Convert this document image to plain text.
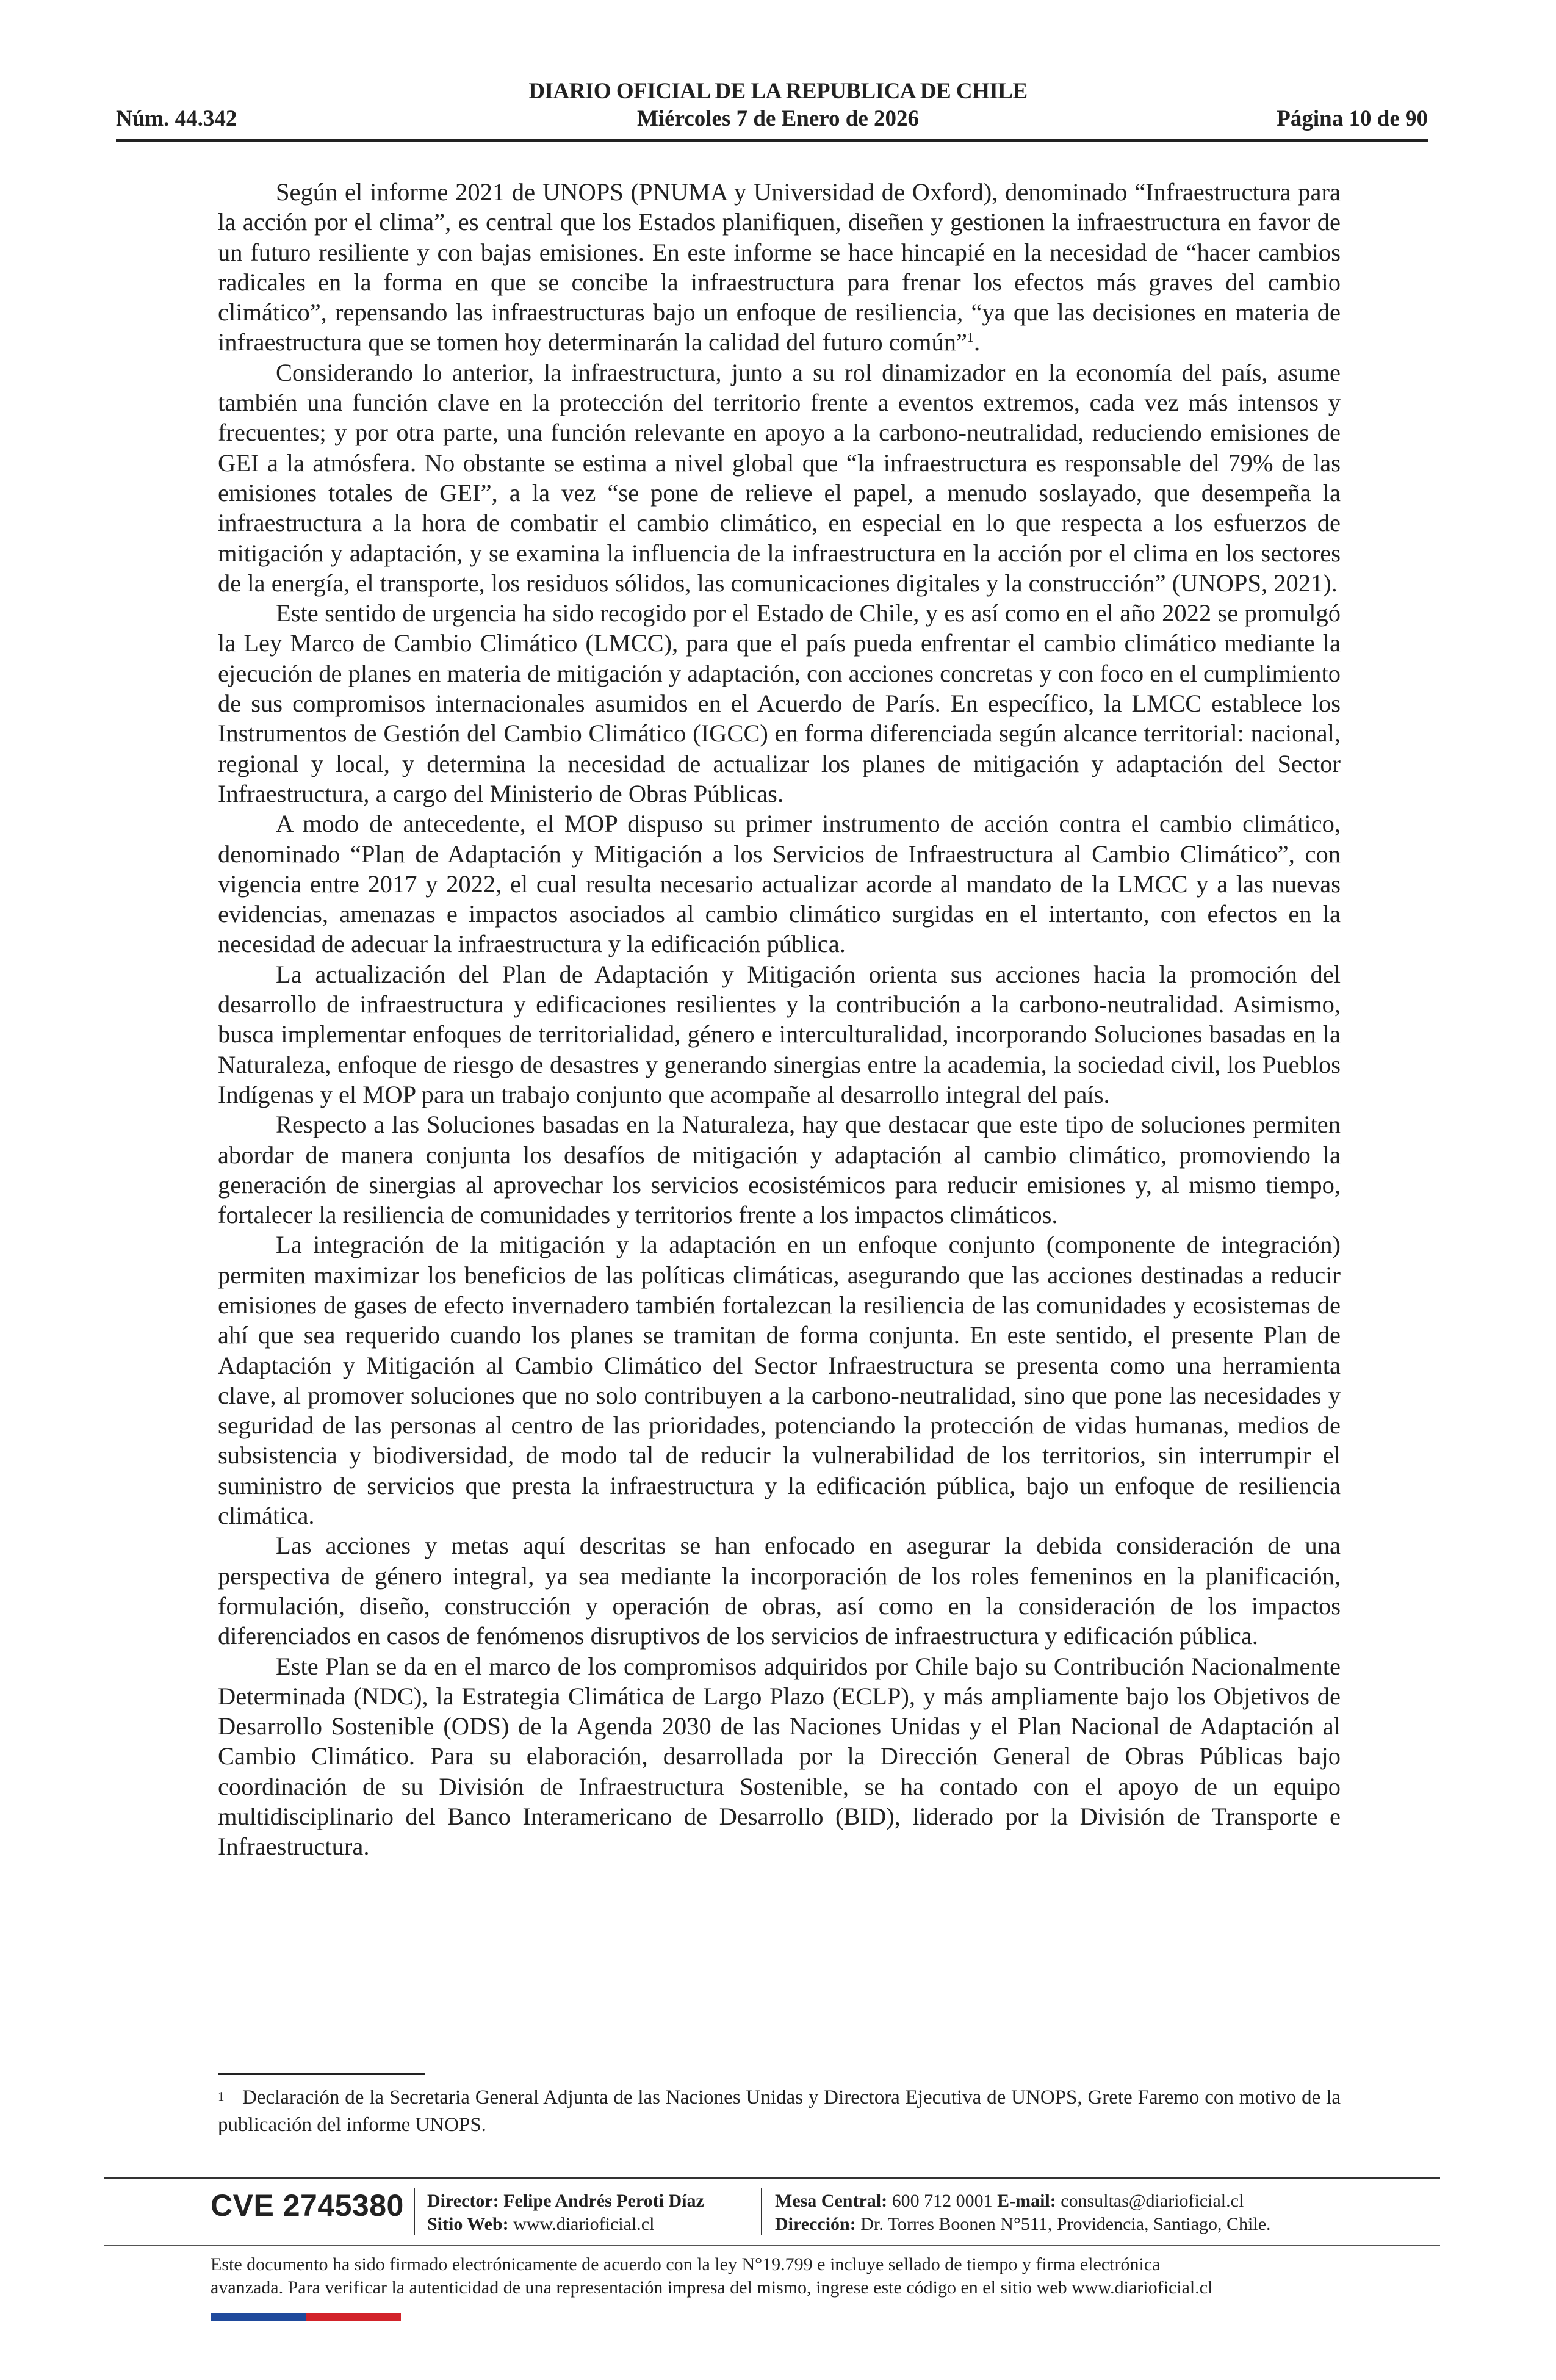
DIARIO OFICIAL DE LA REPUBLICA DE CHILE
Núm. 44.342	Miércoles 7 de Enero de 2026	Página 10 de 90

Según el informe 2021 de UNOPS (PNUMA y Universidad de Oxford), denominado “Infraestructura para la acción por el clima”, es central que los Estados planifiquen, diseñen y gestionen la infraestructura en favor de un futuro resiliente y con bajas emisiones. En este informe se hace hincapié en la necesidad de “hacer cambios radicales en la forma en que se concibe la infraestructura para frenar los efectos más graves del cambio climático”, repensando las infraestructuras bajo un enfoque de resiliencia, “ya que las decisiones en materia de infraestructura que se tomen hoy determinarán la calidad del futuro común”$^1$.

Considerando lo anterior, la infraestructura, junto a su rol dinamizador en la economía del país, asume también una función clave en la protección del territorio frente a eventos extremos, cada vez más intensos y frecuentes; y por otra parte, una función relevante en apoyo a la carbono-neutralidad, reduciendo emisiones de GEI a la atmósfera. No obstante se estima a nivel global que “la infraestructura es responsable del 79% de las emisiones totales de GEI”, a la vez “se pone de relieve el papel, a menudo soslayado, que desempeña la infraestructura a la hora de combatir el cambio climático, en especial en lo que respecta a los esfuerzos de mitigación y adaptación, y se examina la influencia de la infraestructura en la acción por el clima en los sectores de la energía, el transporte, los residuos sólidos, las comunicaciones digitales y la construcción” (UNOPS, 2021).

Este sentido de urgencia ha sido recogido por el Estado de Chile, y es así como en el año 2022 se promulgó la Ley Marco de Cambio Climático (LMCC), para que el país pueda enfrentar el cambio climático mediante la ejecución de planes en materia de mitigación y adaptación, con acciones concretas y con foco en el cumplimiento de sus compromisos internacionales asumidos en el Acuerdo de París. En específico, la LMCC establece los Instrumentos de Gestión del Cambio Climático (IGCC) en forma diferenciada según alcance territorial: nacional, regional y local, y determina la necesidad de actualizar los planes de mitigación y adaptación del Sector Infraestructura, a cargo del Ministerio de Obras Públicas.

A modo de antecedente, el MOP dispuso su primer instrumento de acción contra el cambio climático, denominado “Plan de Adaptación y Mitigación a los Servicios de Infraestructura al Cambio Climático”, con vigencia entre 2017 y 2022, el cual resulta necesario actualizar acorde al mandato de la LMCC y a las nuevas evidencias, amenazas e impactos asociados al cambio climático surgidas en el intertanto, con efectos en la necesidad de adecuar la infraestructura y la edificación pública.

La actualización del Plan de Adaptación y Mitigación orienta sus acciones hacia la promoción del desarrollo de infraestructura y edificaciones resilientes y la contribución a la carbono-neutralidad. Asimismo, busca implementar enfoques de territorialidad, género e interculturalidad, incorporando Soluciones basadas en la Naturaleza, enfoque de riesgo de desastres y generando sinergias entre la academia, la sociedad civil, los Pueblos Indígenas y el MOP para un trabajo conjunto que acompañe al desarrollo integral del país.

Respecto a las Soluciones basadas en la Naturaleza, hay que destacar que este tipo de soluciones permiten abordar de manera conjunta los desafíos de mitigación y adaptación al cambio climático, promoviendo la generación de sinergias al aprovechar los servicios ecosistémicos para reducir emisiones y, al mismo tiempo, fortalecer la resiliencia de comunidades y territorios frente a los impactos climáticos.

La integración de la mitigación y la adaptación en un enfoque conjunto (componente de integración) permiten maximizar los beneficios de las políticas climáticas, asegurando que las acciones destinadas a reducir emisiones de gases de efecto invernadero también fortalezcan la resiliencia de las comunidades y ecosistemas de ahí que sea requerido cuando los planes se tramitan de forma conjunta. En este sentido, el presente Plan de Adaptación y Mitigación al Cambio Climático del Sector Infraestructura se presenta como una herramienta clave, al promover soluciones que no solo contribuyen a la carbono-neutralidad, sino que pone las necesidades y seguridad de las personas al centro de las prioridades, potenciando la protección de vidas humanas, medios de subsistencia y biodiversidad, de modo tal de reducir la vulnerabilidad de los territorios, sin interrumpir el suministro de servicios que presta la infraestructura y la edificación pública, bajo un enfoque de resiliencia climática.

Las acciones y metas aquí descritas se han enfocado en asegurar la debida consideración de una perspectiva de género integral, ya sea mediante la incorporación de los roles femeninos en la planificación, formulación, diseño, construcción y operación de obras, así como en la consideración de los impactos diferenciados en casos de fenómenos disruptivos de los servicios de infraestructura y edificación pública.

Este Plan se da en el marco de los compromisos adquiridos por Chile bajo su Contribución Nacionalmente Determinada (NDC), la Estrategia Climática de Largo Plazo (ECLP), y más ampliamente bajo los Objetivos de Desarrollo Sostenible (ODS) de la Agenda 2030 de las Naciones Unidas y el Plan Nacional de Adaptación al Cambio Climático. Para su elaboración, desarrollada por la Dirección General de Obras Públicas bajo coordinación de su División de Infraestructura Sostenible, se ha contado con el apoyo de un equipo multidisciplinario del Banco Interamericano de Desarrollo (BID), liderado por la División de Transporte e Infraestructura.

1 Declaración de la Secretaria General Adjunta de las Naciones Unidas y Directora Ejecutiva de UNOPS, Grete Faremo con motivo de la publicación del informe UNOPS.
CVE 2745380 Director: Felipe Andrés Peroti Díaz
Sitio Web: www.diarioficial.cl
Mesa Central: 600 712 0001 E-mail: consultas@diarioficial.cl
Dirección: Dr. Torres Boonen N°511, Providencia, Santiago, Chile.
Este documento ha sido firmado electrónicamente de acuerdo con la ley N°19.799 e incluye sellado de tiempo y firma electrónica
avanzada. Para verificar la autenticidad de una representación impresa del mismo, ingrese este código en el sitio web www.diarioficial.cl
